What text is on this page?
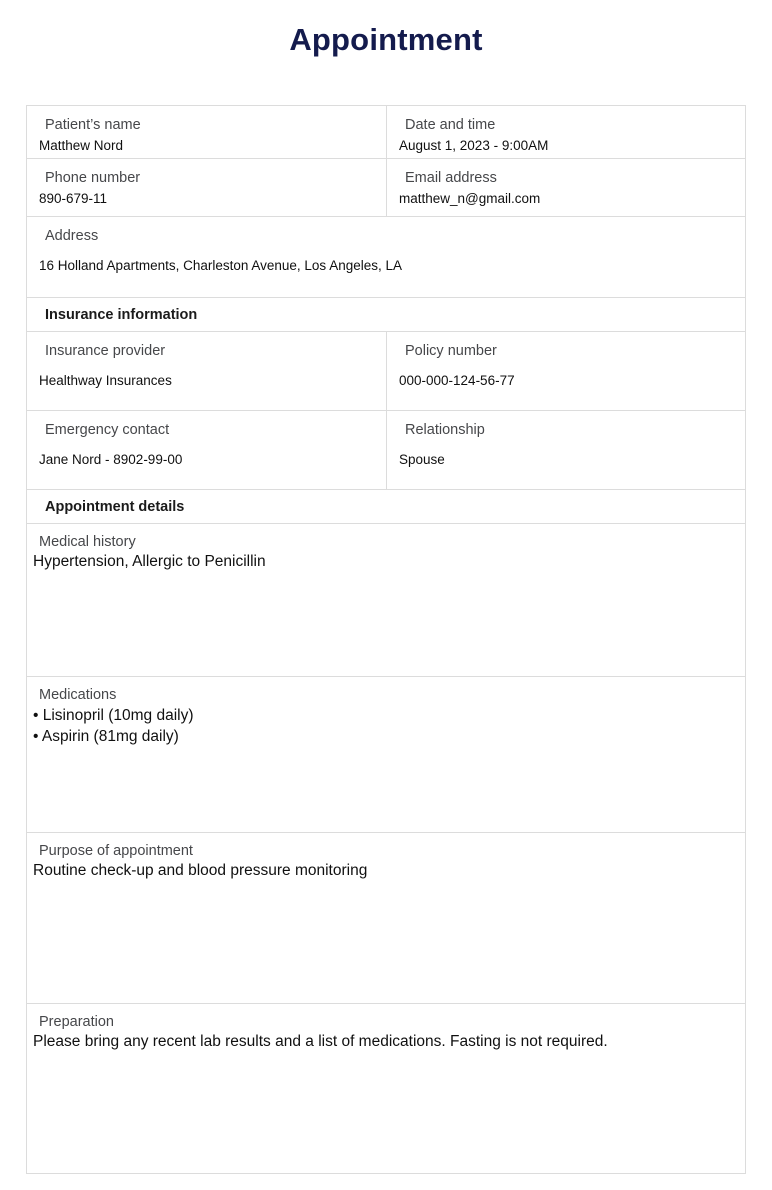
Appointment
Patient’s name
Matthew Nord
Date and time
August 1, 2023 - 9:00AM
Phone number
890-679-11
Email address
matthew_n@gmail.com
Address
16 Holland Apartments, Charleston Avenue, Los Angeles, LA
Insurance information
Insurance provider
Healthway Insurances
Policy number
000-000-124-56-77
Emergency contact
Jane Nord - 8902-99-00
Relationship
Spouse
Appointment details
Medical history
Hypertension, Allergic to Penicillin
Medications
• Lisinopril (10mg daily)
• Aspirin (81mg daily)
Purpose of appointment
Routine check-up and blood pressure monitoring
Preparation
Please bring any recent lab results and a list of medications. Fasting is not required.
